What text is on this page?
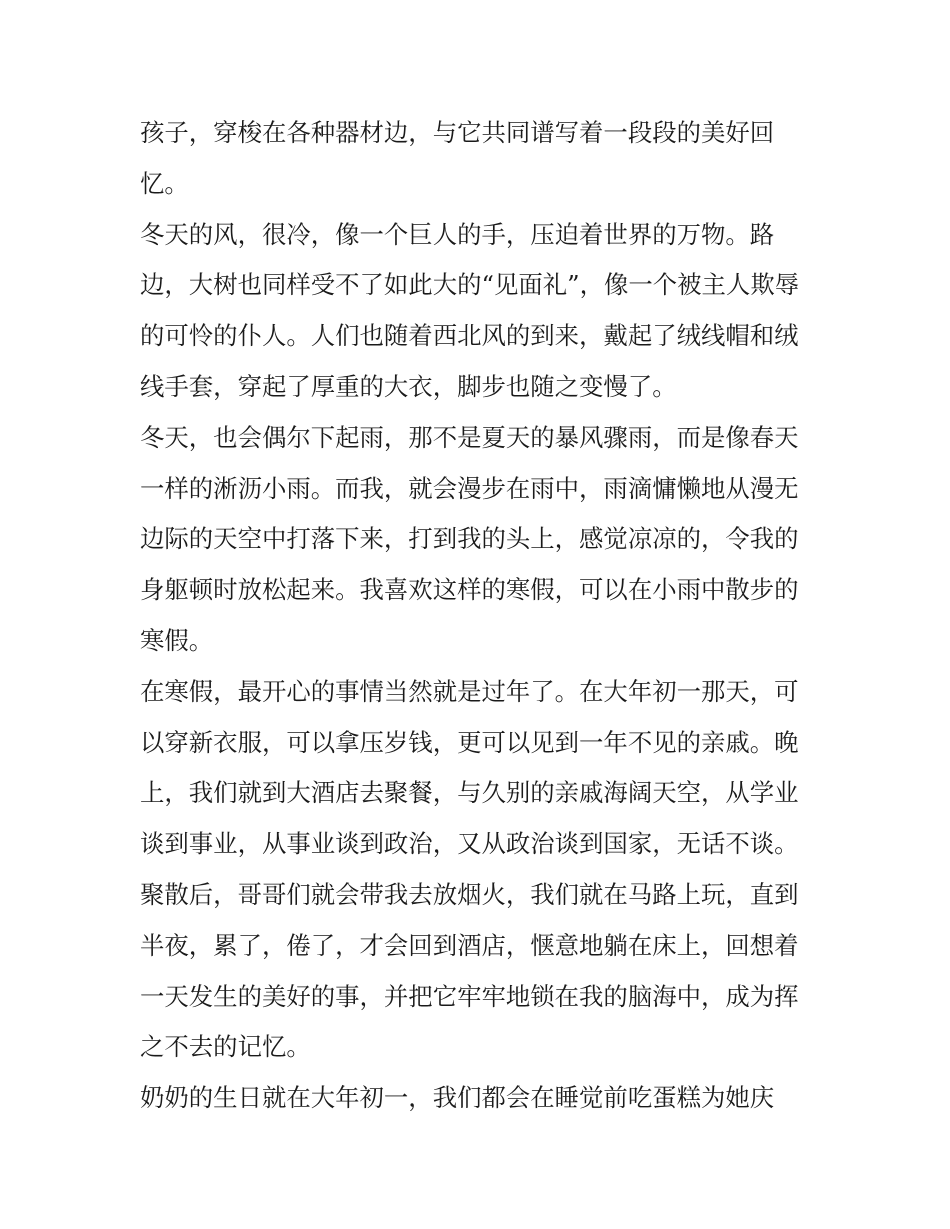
孩子，穿梭在各种器材边，与它共同谱写着一段段的美好回
忆。
冬天的风，很冷，像一个巨人的手，压迫着世界的万物。路
边，大树也同样受不了如此大的“见面礼”，像一个被主人欺辱
的可怜的仆人。人们也随着西北风的到来，戴起了绒线帽和绒
线手套，穿起了厚重的大衣，脚步也随之变慢了。
冬天，也会偶尔下起雨，那不是夏天的暴风骤雨，而是像春天
一样的淅沥小雨。而我，就会漫步在雨中，雨滴慵懒地从漫无
边际的天空中打落下来，打到我的头上，感觉凉凉的，令我的
身躯顿时放松起来。我喜欢这样的寒假，可以在小雨中散步的
寒假。
在寒假，最开心的事情当然就是过年了。在大年初一那天，可
以穿新衣服，可以拿压岁钱，更可以见到一年不见的亲戚。晚
上，我们就到大酒店去聚餐，与久别的亲戚海阔天空，从学业
谈到事业，从事业谈到政治，又从政治谈到国家，无话不谈。
聚散后，哥哥们就会带我去放烟火，我们就在马路上玩，直到
半夜，累了，倦了，才会回到酒店，惬意地躺在床上，回想着
一天发生的美好的事，并把它牢牢地锁在我的脑海中，成为挥
之不去的记忆。
奶奶的生日就在大年初一，我们都会在睡觉前吃蛋糕为她庆
